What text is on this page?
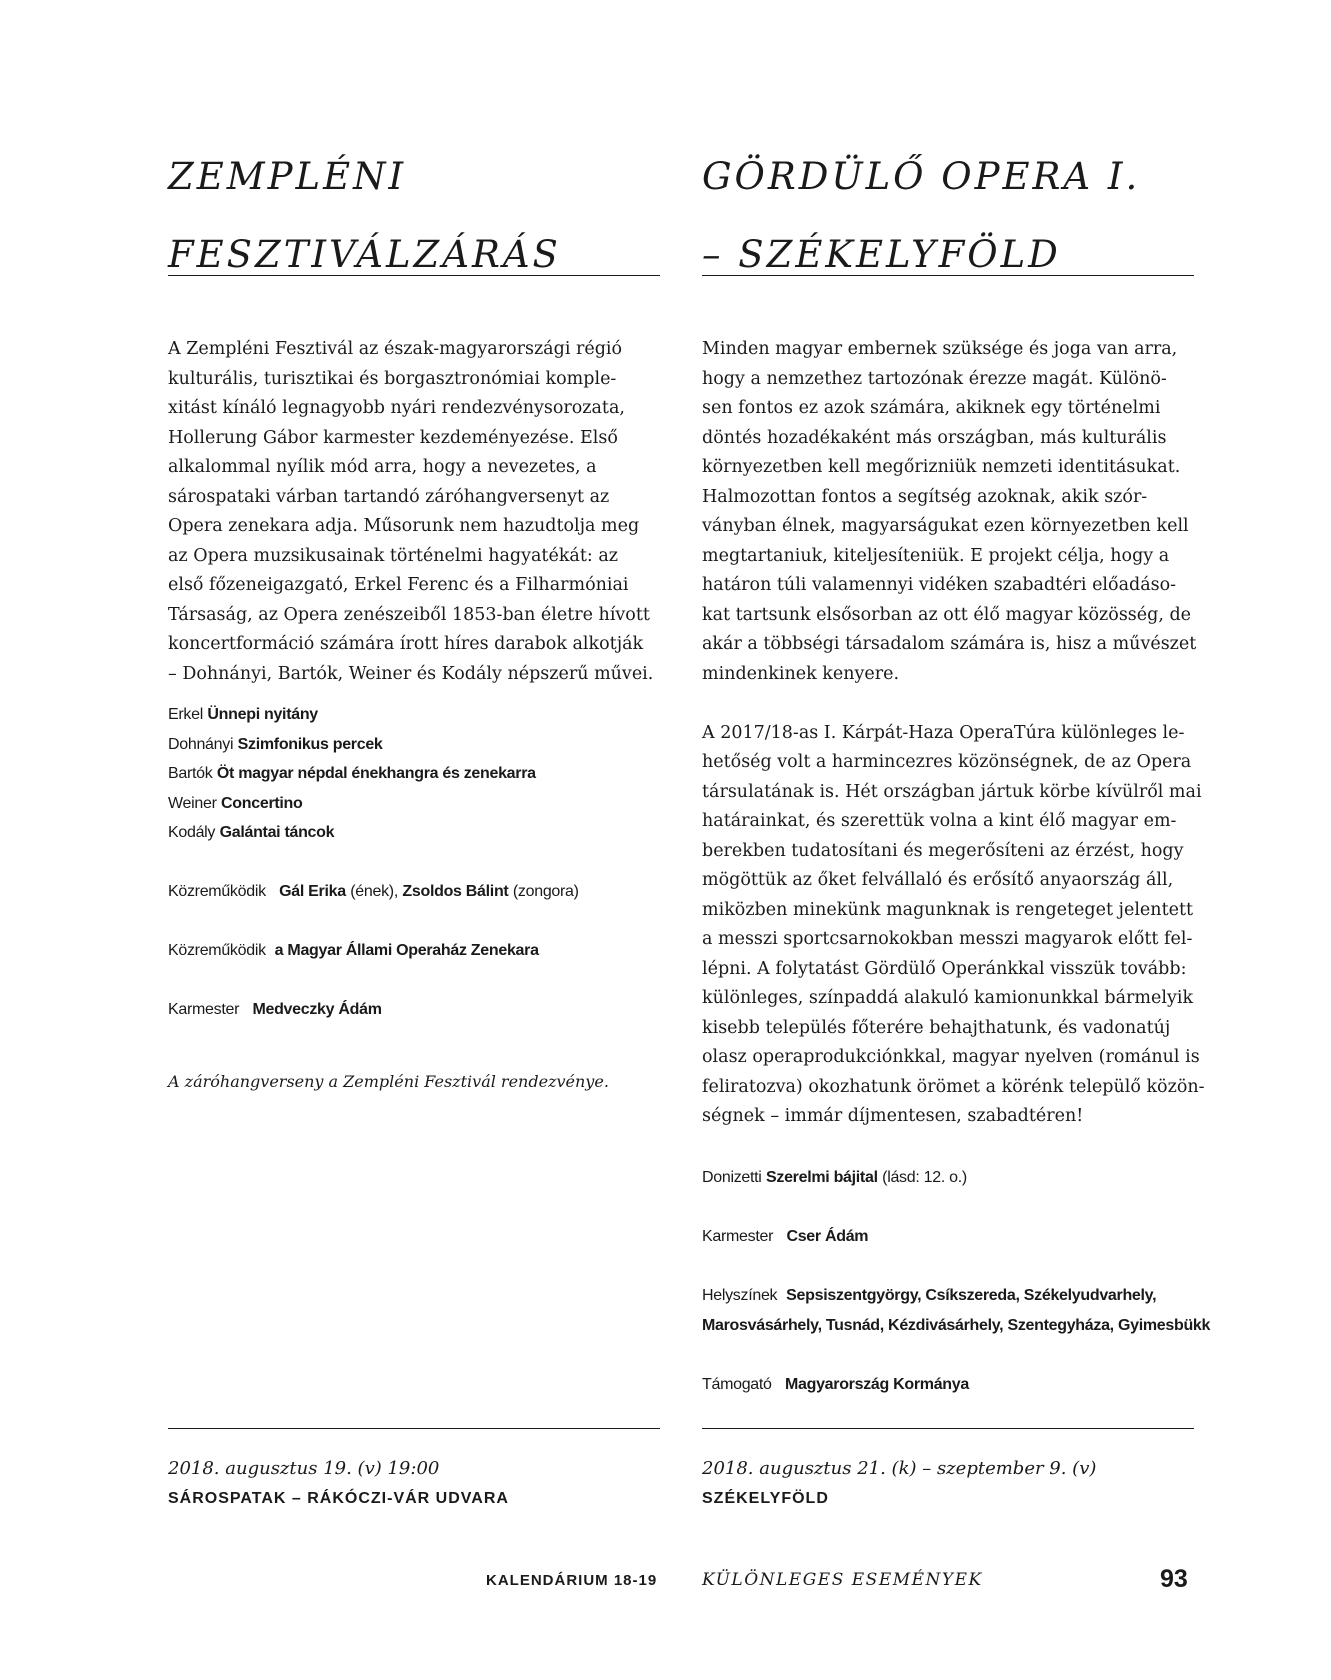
ZEMPLÉNI
FESZTIVÁLZÁRÁS

A Zempléni Fesztivál az észak-magyarországi régió

kulturális, turisztikai és borgasztronómiai komple-

xitást kínáló legnagyobb nyári rendezvénysorozata,

Hollerung Gábor karmester kezdeményezése. Első

alkalommal nyílik mód arra, hogy a nevezetes, a

sárospataki várban tartandó záróhangversenyt az

Opera zenekara adja. Műsorunk nem hazudtolja meg

az Opera muzsikusainak történelmi hagyatékát: az

első főzeneigazgató, Erkel Ferenc és a Filharmóniai

Társaság, az Opera zenészeiből 1853-ban életre hívott

koncertformáció számára írott híres darabok alkotják

– Dohnányi, Bartók, Weiner és Kodály népszerű művei.

Erkel Ünnepi nyitány
Dohnányi Szimfonikus percek
Bartók Öt magyar népdal énekhangra és zenekarra
Weiner Concertino
Kodály Galántai táncok
Közreműködik Gál Erika (ének), Zsoldos Bálint (zongora)
Közreműködik a Magyar Állami Operaház Zenekara
Karmester Medveczky Ádám
A záróhangverseny a Zempléni Fesztivál rendezvénye.
2018. augusztus 19. (v) 19:00
SÁROSPATAK – RÁKÓCZI-VÁR UDVARA
GÖRDÜLŐ OPERA I.
– SZÉKELYFÖLD

Minden magyar embernek szüksége és joga van arra,

hogy a nemzethez tartozónak érezze magát. Különö-

sen fontos ez azok számára, akiknek egy történelmi

döntés hozadékaként más országban, más kulturális

környezetben kell megőrizniük nemzeti identitásukat.

Halmozottan fontos a segítség azoknak, akik szór-

ványban élnek, magyarságukat ezen környezetben kell

megtartaniuk, kiteljesíteniük. E projekt célja, hogy a

határon túli valamennyi vidéken szabadtéri előadáso-

kat tartsunk elsősorban az ott élő magyar közösség, de

akár a többségi társadalom számára is, hisz a művészet

mindenkinek kenyere.

A 2017/18-as I. Kárpát-Haza OperaTúra különleges le-

hetőség volt a harmincezres közönségnek, de az Opera

társulatának is. Hét országban jártuk körbe kívülről mai

határainkat, és szerettük volna a kint élő magyar em-

berekben tudatosítani és megerősíteni az érzést, hogy

mögöttük az őket felvállaló és erősítő anyaország áll,

miközben minekünk magunknak is rengeteget jelentett

a messzi sportcsarnokokban messzi magyarok előtt fel-

lépni. A folytatást Gördülő Operánkkal visszük tovább:

különleges, színpaddá alakuló kamionunkkal bármelyik

kisebb település főterére behajthatunk, és vadonatúj

olasz operaprodukciónkkal, magyar nyelven (románul is

feliratozva) okozhatunk örömet a körénk települő közön-

ségnek – immár díjmentesen, szabadtéren!

Donizetti Szerelmi bájital (lásd: 12. o.)
Karmester Cser Ádám
Helyszínek Sepsiszentgyörgy, Csíkszereda, Székelyudvarhely,
Marosvásárhely, Tusnád, Kézdivásárhely, Szentegyháza, Gyimesbükk
Támogató Magyarország Kormánya
2018. augusztus 21. (k) – szeptember 9. (v)
SZÉKELYFÖLD
KALENDÁRIUM 18-19	KÜLÖNLEGES ESEMÉNYEK	93
